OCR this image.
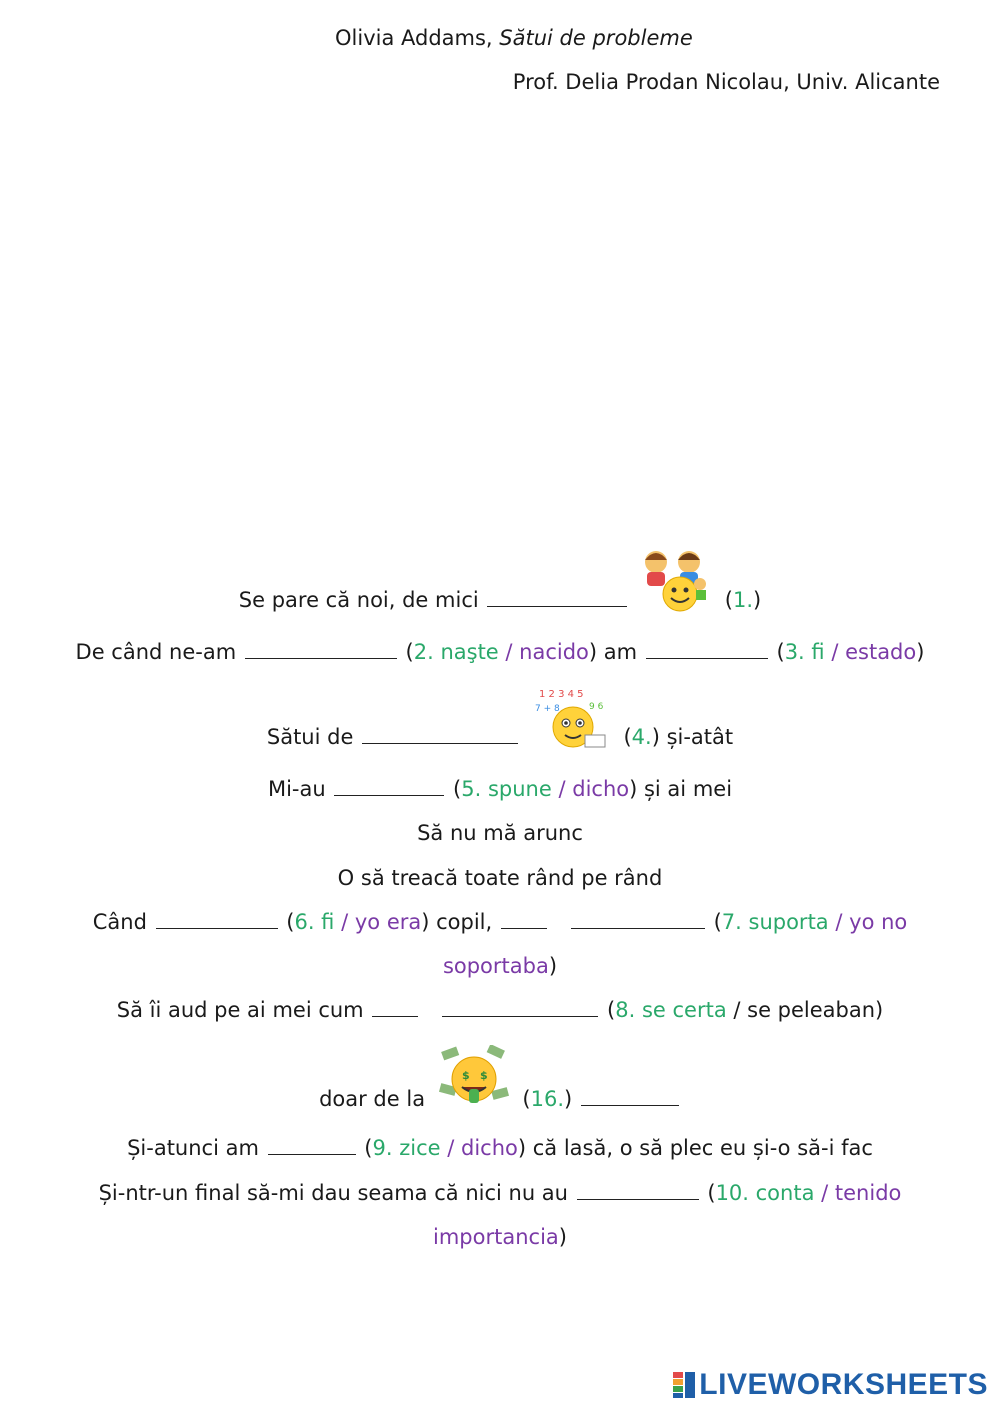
Olivia Addams, Sătui de probleme
Prof. Delia Prodan Nicolau, Univ. Alicante
Se pare că noi, de mici	(1.)
De când ne-am	(2. naşte / nacido) am	(3. fi / estado)
Sătui de
1 2 3 4 5
7 + 8	9 6
(4.) și-atât
Mi-au	(5. spune / dicho) și ai mei
Să nu mă arunc
O să treacă toate rând pe rând
Când	(6. fi / yo era) copil,	(7. suporta / yo no
soportaba)
Să îi aud pe ai mei cum	(8. se certa / se peleaban)
doar de la
$ $
(16.)
Și-atunci am	(9. zice / dicho) că lasă, o să plec eu și-o să-i fac
Și-ntr-un final să-mi dau seama că nici nu au	(10. conta / tenido
importancia)
LIVEWORKSHEETS
